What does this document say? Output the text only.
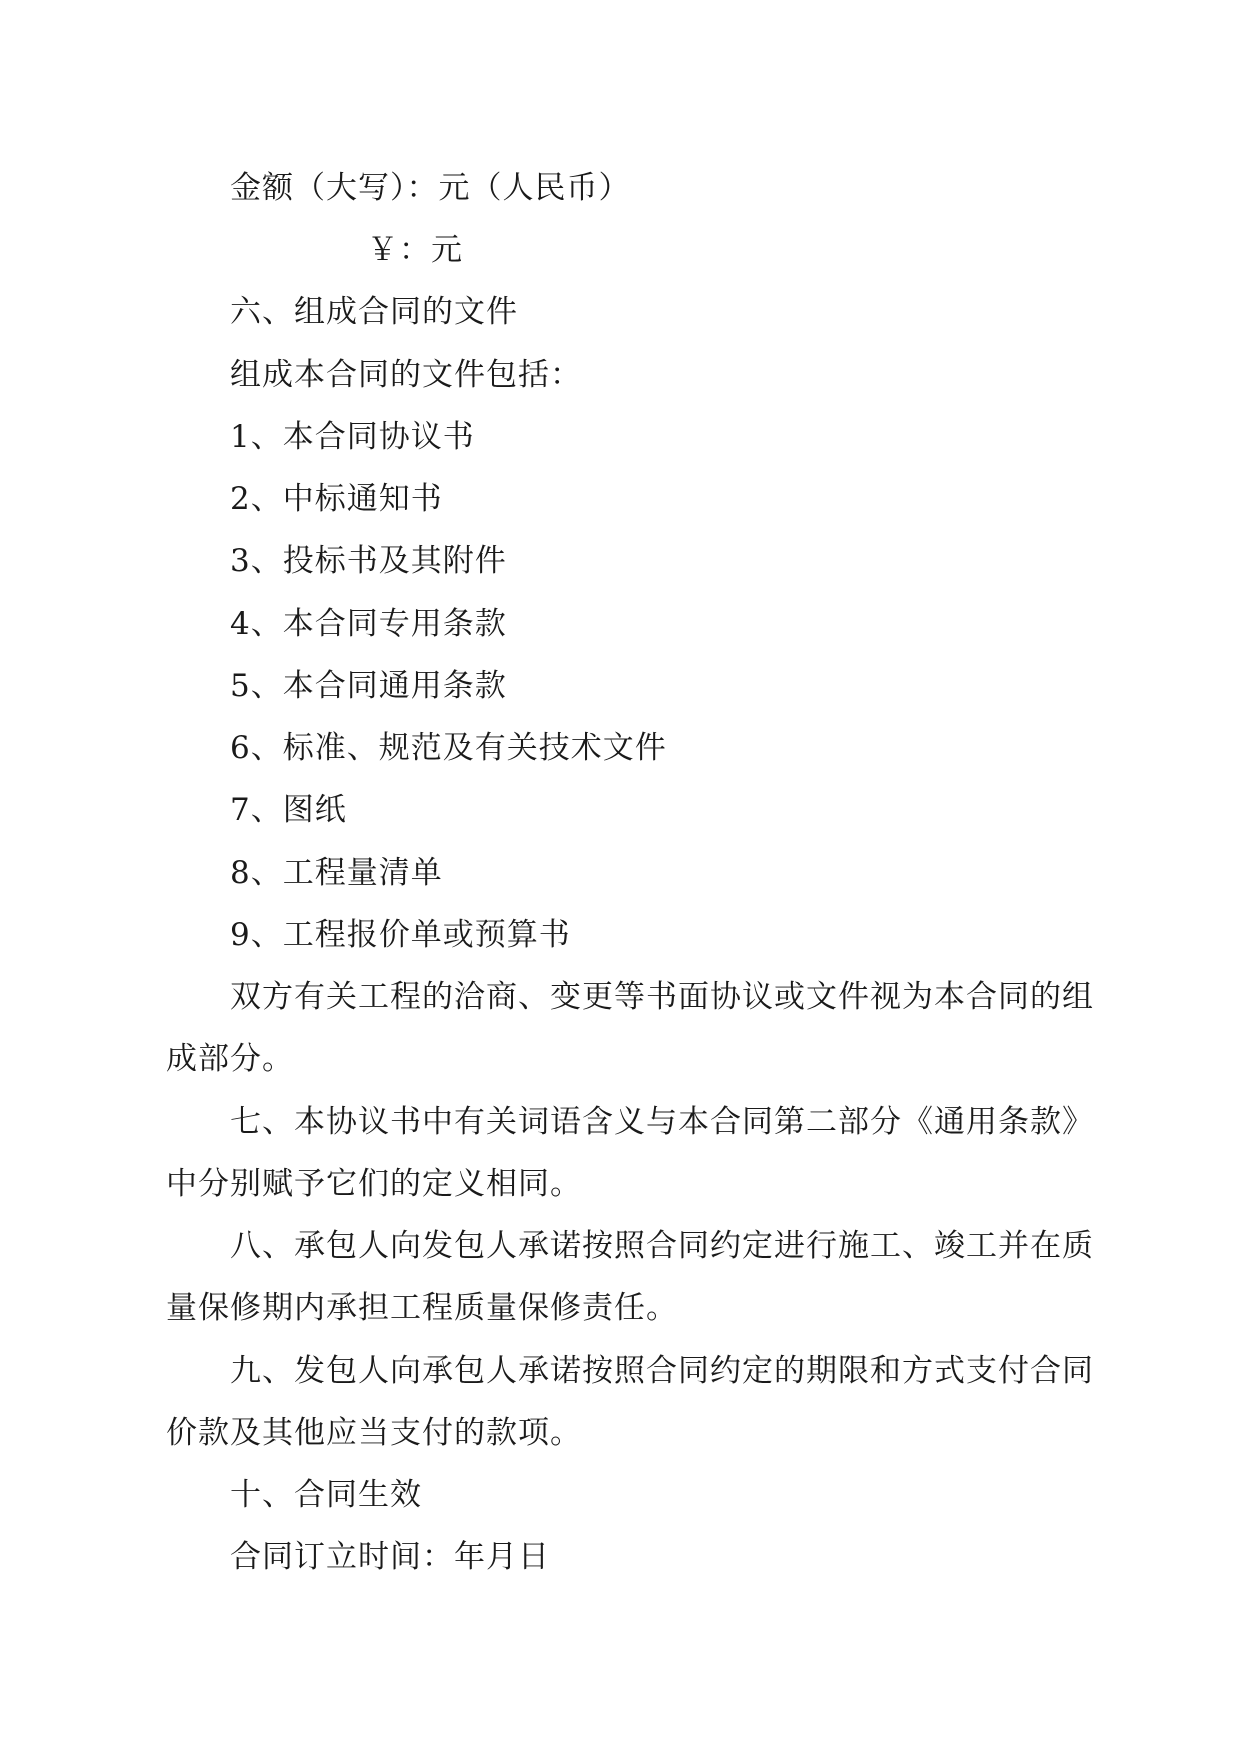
金额（大写）：元（人民币）
￥：元
六、组成合同的文件
组成本合同的文件包括：
1、本合同协议书
2、中标通知书
3、投标书及其附件
4、本合同专用条款
5、本合同通用条款
6、标准、规范及有关技术文件
7、图纸
8、工程量清单
9、工程报价单或预算书
双方有关工程的洽商、变更等书面协议或文件视为本合同的组
成部分。
七、本协议书中有关词语含义与本合同第二部分《通用条款》
中分别赋予它们的定义相同。
八、承包人向发包人承诺按照合同约定进行施工、竣工并在质
量保修期内承担工程质量保修责任。
九、发包人向承包人承诺按照合同约定的期限和方式支付合同
价款及其他应当支付的款项。
十、合同生效
合同订立时间：年月日
